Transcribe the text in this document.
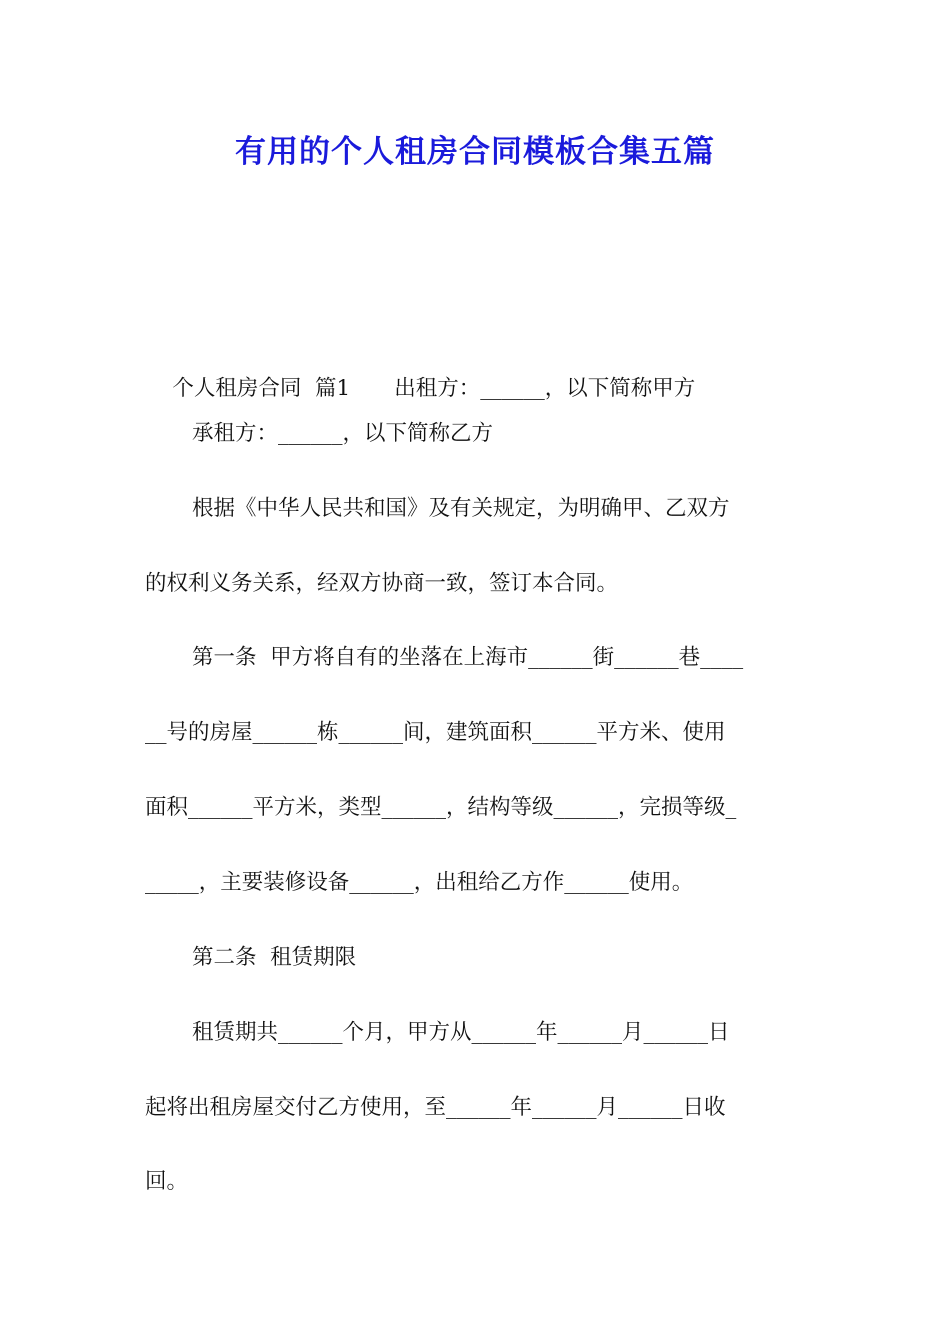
有用的个人租房合同模板合集五篇

个人租房合同  篇1 出租方：______，以下简称甲方

承租方：______，以下简称乙方
根据《中华人民共和国》及有关规定，为明确甲、乙双方
的权利义务关系，经双方协商一致，签订本合同。
第一条  甲方将自有的坐落在上海市______街______巷____
__号的房屋______栋______间，建筑面积______平方米、使用
面积______平方米，类型______，结构等级______，完损等级_
_____，主要装修设备______，出租给乙方作______使用。
第二条  租赁期限
租赁期共______个月，甲方从______年______月______日
起将出租房屋交付乙方使用，至______年______月______日收
回。
